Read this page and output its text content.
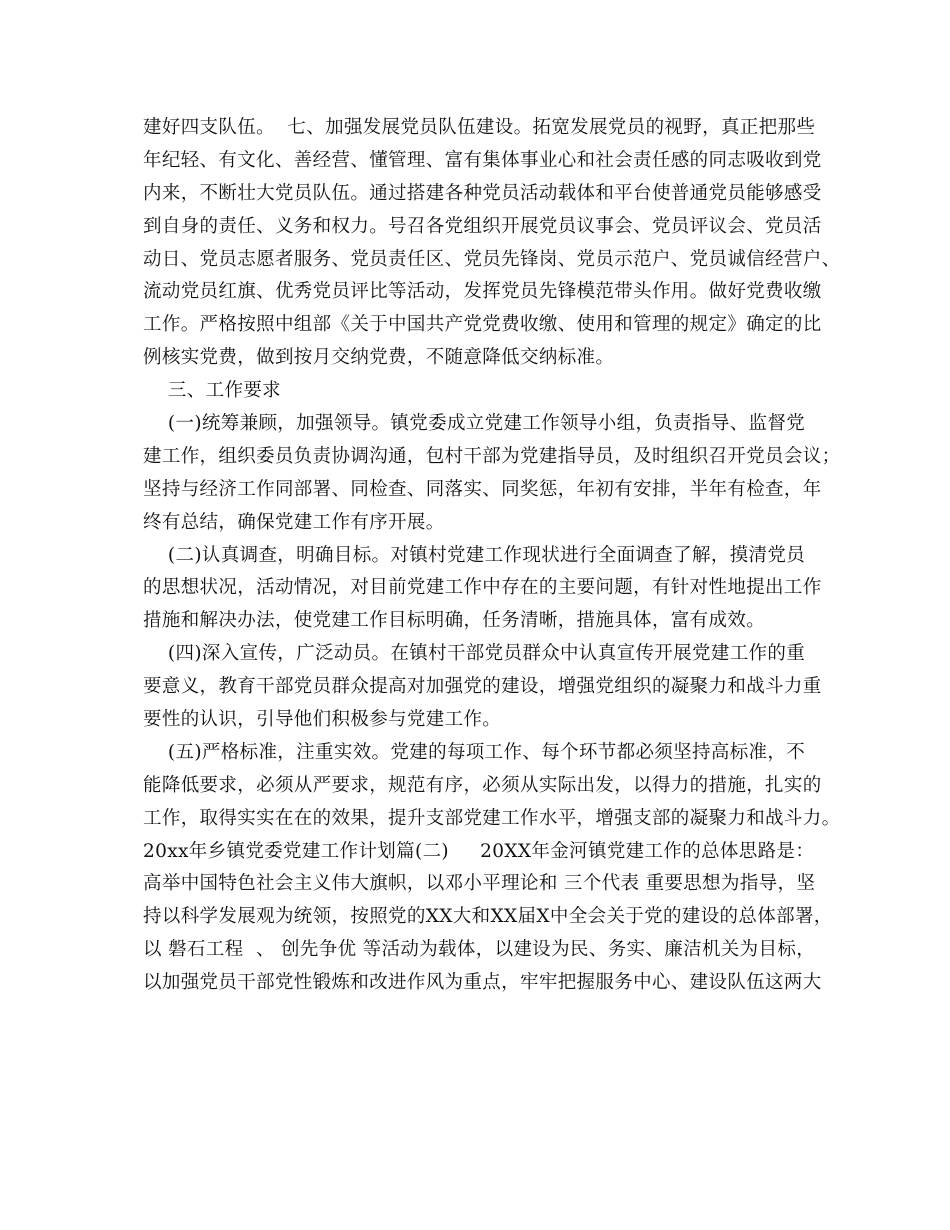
建好四支队伍。  七、加强发展党员队伍建设。拓宽发展党员的视野，真正把那些
年纪轻、有文化、善经营、懂管理、富有集体事业心和社会责任感的同志吸收到党
内来，不断壮大党员队伍。通过搭建各种党员活动载体和平台使普通党员能够感受
到自身的责任、义务和权力。号召各党组织开展党员议事会、党员评议会、党员活
动日、党员志愿者服务、党员责任区、党员先锋岗、党员示范户、党员诚信经营户、
流动党员红旗、优秀党员评比等活动，发挥党员先锋模范带头作用。做好党费收缴
工作。严格按照中组部《关于中国共产党党费收缴、使用和管理的规定》确定的比
例核实党费，做到按月交纳党费，不随意降低交纳标准。
三、工作要求
(一)统筹兼顾，加强领导。镇党委成立党建工作领导小组，负责指导、监督党
建工作，组织委员负责协调沟通，包村干部为党建指导员，及时组织召开党员会议；
坚持与经济工作同部署、同检查、同落实、同奖惩，年初有安排，半年有检查，年
终有总结，确保党建工作有序开展。
(二)认真调查，明确目标。对镇村党建工作现状进行全面调查了解，摸清党员
的思想状况，活动情况，对目前党建工作中存在的主要问题，有针对性地提出工作
措施和解决办法，使党建工作目标明确，任务清晰，措施具体，富有成效。
(四)深入宣传，广泛动员。在镇村干部党员群众中认真宣传开展党建工作的重
要意义，教育干部党员群众提高对加强党的建设，增强党组织的凝聚力和战斗力重
要性的认识，引导他们积极参与党建工作。
(五)严格标准，注重实效。党建的每项工作、每个环节都必须坚持高标准，不
能降低要求，必须从严要求，规范有序，必须从实际出发，以得力的措施，扎实的
工作，取得实实在在的效果，提升支部党建工作水平，增强支部的凝聚力和战斗力。
20xx年乡镇党委党建工作计划篇(二)     20XX年金河镇党建工作的总体思路是：
高举中国特色社会主义伟大旗帜，以邓小平理论和 三个代表 重要思想为指导，坚
持以科学发展观为统领，按照党的XX大和XX届X中全会关于党的建设的总体部署，
以 磐石工程  、 创先争优 等活动为载体，以建设为民、务实、廉洁机关为目标，
以加强党员干部党性锻炼和改进作风为重点，牢牢把握服务中心、建设队伍这两大
